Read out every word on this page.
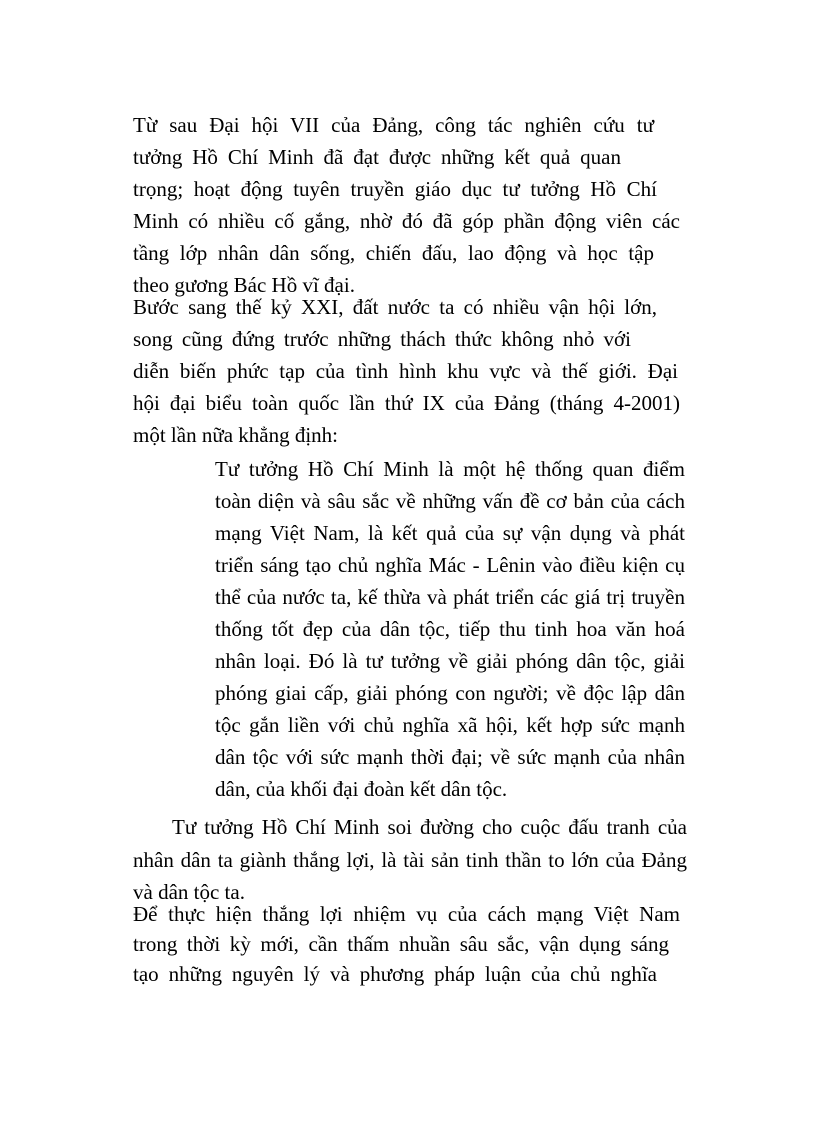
Từ sau Đại hội VII của Đảng, công tác nghiên cứu tư

tưởng Hồ Chí Minh đã đạt được những kết quả quan

trọng; hoạt động tuyên truyền giáo dục tư tưởng Hồ Chí

Minh có nhiều cố gắng, nhờ đó đã góp phần động viên các

tầng lớp nhân dân sống, chiến đấu, lao động và học tập

theo gương Bác Hồ vĩ đại.

Bước sang thế kỷ XXI, đất nước ta có nhiều vận hội lớn,

song cũng đứng trước những thách thức không nhỏ với

diễn biến phức tạp của tình hình khu vực và thế giới. Đại

hội đại biểu toàn quốc lần thứ IX của Đảng (tháng 4-2001)

một lần nữa khẳng định:

Tư tưởng Hồ Chí Minh là một hệ thống quan điểm

toàn diện và sâu sắc về những vấn đề cơ bản của cách

mạng Việt Nam, là kết quả của sự vận dụng và phát

triển sáng tạo chủ nghĩa Mác - Lênin vào điều kiện cụ

thể của nước ta, kế thừa và phát triển các giá trị truyền

thống tốt đẹp của dân tộc, tiếp thu tinh hoa văn hoá

nhân loại. Đó là tư tưởng về giải phóng dân tộc, giải

phóng giai cấp, giải phóng con người; về độc lập dân

tộc gắn liền với chủ nghĩa xã hội, kết hợp sức mạnh

dân tộc với sức mạnh thời đại; về sức mạnh của nhân

dân, của khối đại đoàn kết dân tộc.

Tư tưởng Hồ Chí Minh soi đường cho cuộc đấu tranh của

nhân dân ta giành thắng lợi, là tài sản tinh thần to lớn của Đảng

và dân tộc ta.

Để thực hiện thắng lợi nhiệm vụ của cách mạng Việt Nam

trong thời kỳ mới, cần thấm nhuần sâu sắc, vận dụng sáng

tạo những nguyên lý và phương pháp luận của chủ nghĩa
